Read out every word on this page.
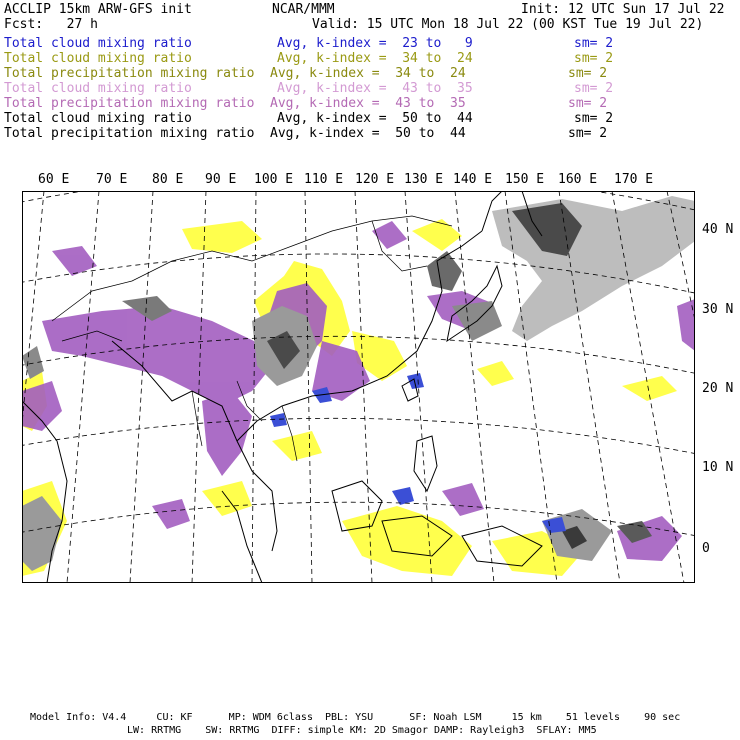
ACCLIP 15km ARW-GFS init	NCAR/MMM	Init: 12 UTC Sun 17 Jul 22
Fcst:   27 h	Valid: 15 UTC Mon 18 Jul 22 (00 KST Tue 19 Jul 22)
Total cloud mixing ratio	Avg, k-index =  23 to   9	sm= 2
Total cloud mixing ratio	Avg, k-index =  34 to  24	sm= 2
Total precipitation mixing ratio Avg, k-index =  34 to  24	sm= 2
Total cloud mixing ratio	Avg, k-index =  43 to  35	sm= 2
Total precipitation mixing ratio Avg, k-index =  43 to  35	sm= 2
Total cloud mixing ratio	Avg, k-index =  50 to  44	sm= 2
Total precipitation mixing ratio Avg, k-index =  50 to  44	sm= 2
60 E 70 E 80 E 90 E 100 E 110 E 120 E 130 E 140 E 150 E 160 E 170 E
40 N
30 N
20 N
10 N
0
Model Info: V4.4     CU: KF      MP: WDM 6class  PBL: YSU      SF: Noah LSM     15 km    51 levels    90 sec
LW: RRTMG    SW: RRTMG  DIFF: simple KM: 2D Smagor DAMP: Rayleigh3  SFLAY: MM5
